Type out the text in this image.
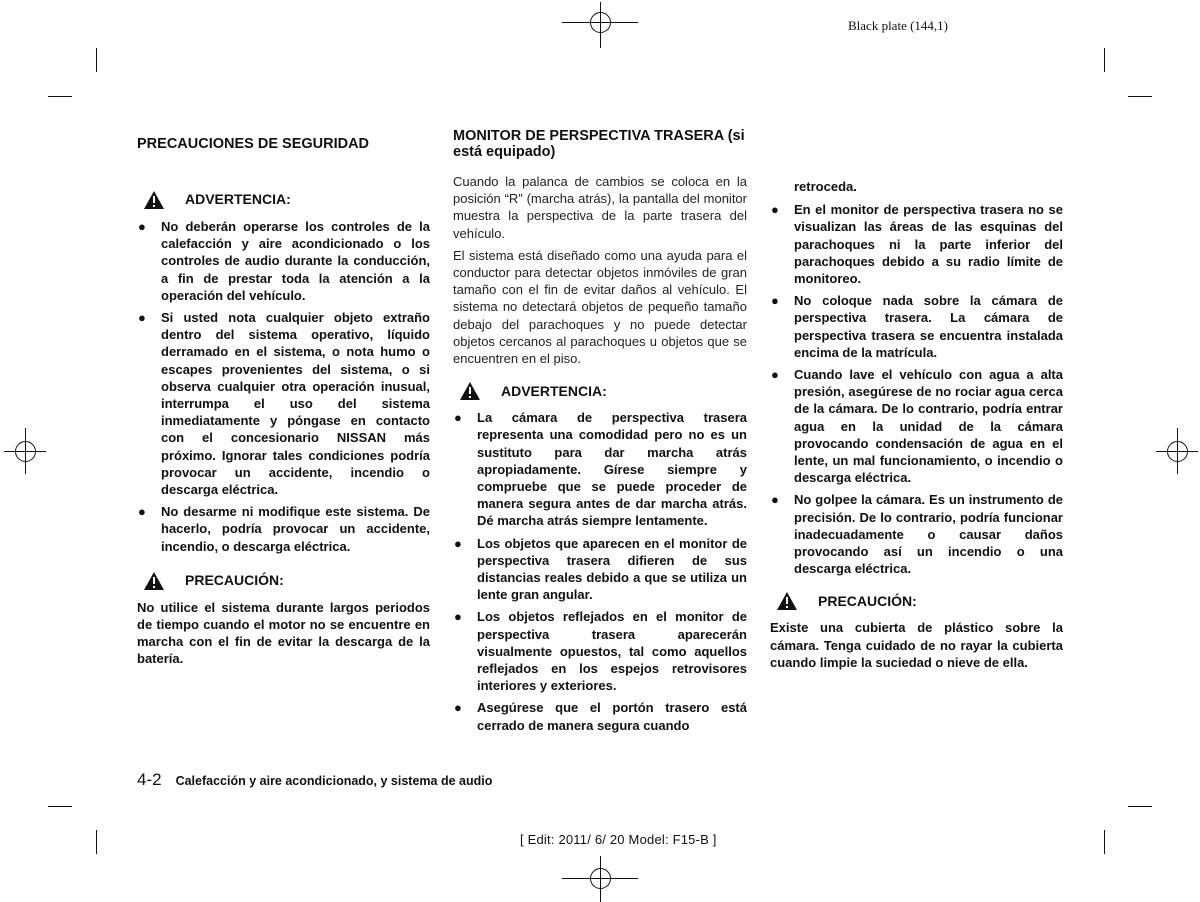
Black plate (144,1)
PRECAUCIONES DE SEGURIDAD
ADVERTENCIA:
● No deberán operarse los controles de la calefacción y aire acondicionado o los controles de audio durante la conducción, a fin de prestar toda la atención a la operación del vehículo.
● Si usted nota cualquier objeto extraño dentro del sistema operativo, líquido derramado en el sistema, o nota humo o escapes provenientes del sistema, o si observa cualquier otra operación inusual, interrumpa el uso del sistema inmediatamente y póngase en contacto con el concesionario NISSAN más próximo. Ignorar tales condiciones podría provocar un accidente, incendio o descarga eléctrica.
● No desarme ni modifique este sistema. De hacerlo, podría provocar un accidente, incendio, o descarga eléctrica.
PRECAUCIÓN:

No utilice el sistema durante largos periodos de tiempo cuando el motor no se encuentre en marcha con el fin de evitar la descarga de la batería.

MONITOR DE PERSPECTIVA TRASERA (si está equipado)

Cuando la palanca de cambios se coloca en la posición “R” (marcha atrás), la pantalla del monitor muestra la perspectiva de la parte trasera del vehículo.

El sistema está diseñado como una ayuda para el conductor para detectar objetos inmóviles de gran tamaño con el fin de evitar daños al vehículo. El sistema no detectará objetos de pequeño tamaño debajo del parachoques y no puede detectar objetos cercanos al parachoques u objetos que se encuentren en el piso.

ADVERTENCIA:
● La cámara de perspectiva trasera representa una comodidad pero no es un sustituto para dar marcha atrás apropiadamente. Gírese siempre y compruebe que se puede proceder de manera segura antes de dar marcha atrás. Dé marcha atrás siempre lentamente.
● Los objetos que aparecen en el monitor de perspectiva trasera difieren de sus distancias reales debido a que se utiliza un lente gran angular.
● Los objetos reflejados en el monitor de perspectiva trasera aparecerán visualmente opuestos, tal como aquellos reflejados en los espejos retrovisores interiores y exteriores.
● Asegúrese que el portón trasero está cerrado de manera segura cuando

retroceda.

● En el monitor de perspectiva trasera no se visualizan las áreas de las esquinas del parachoques ni la parte inferior del parachoques debido a su radio límite de monitoreo.
● No coloque nada sobre la cámara de perspectiva trasera. La cámara de perspectiva trasera se encuentra instalada encima de la matrícula.
● Cuando lave el vehículo con agua a alta presión, asegúrese de no rociar agua cerca de la cámara. De lo contrario, podría entrar agua en la unidad de la cámara provocando condensación de agua en el lente, un mal funcionamiento, o incendio o descarga eléctrica.
● No golpee la cámara. Es un instrumento de precisión. De lo contrario, podría funcionar inadecuadamente o causar daños provocando así un incendio o una descarga eléctrica.
PRECAUCIÓN:

Existe una cubierta de plástico sobre la cámara. Tenga cuidado de no rayar la cubierta cuando limpie la suciedad o nieve de ella.

4-2 Calefacción y aire acondicionado, y sistema de audio
[ Edit: 2011/ 6/ 20 Model: F15-B ]
